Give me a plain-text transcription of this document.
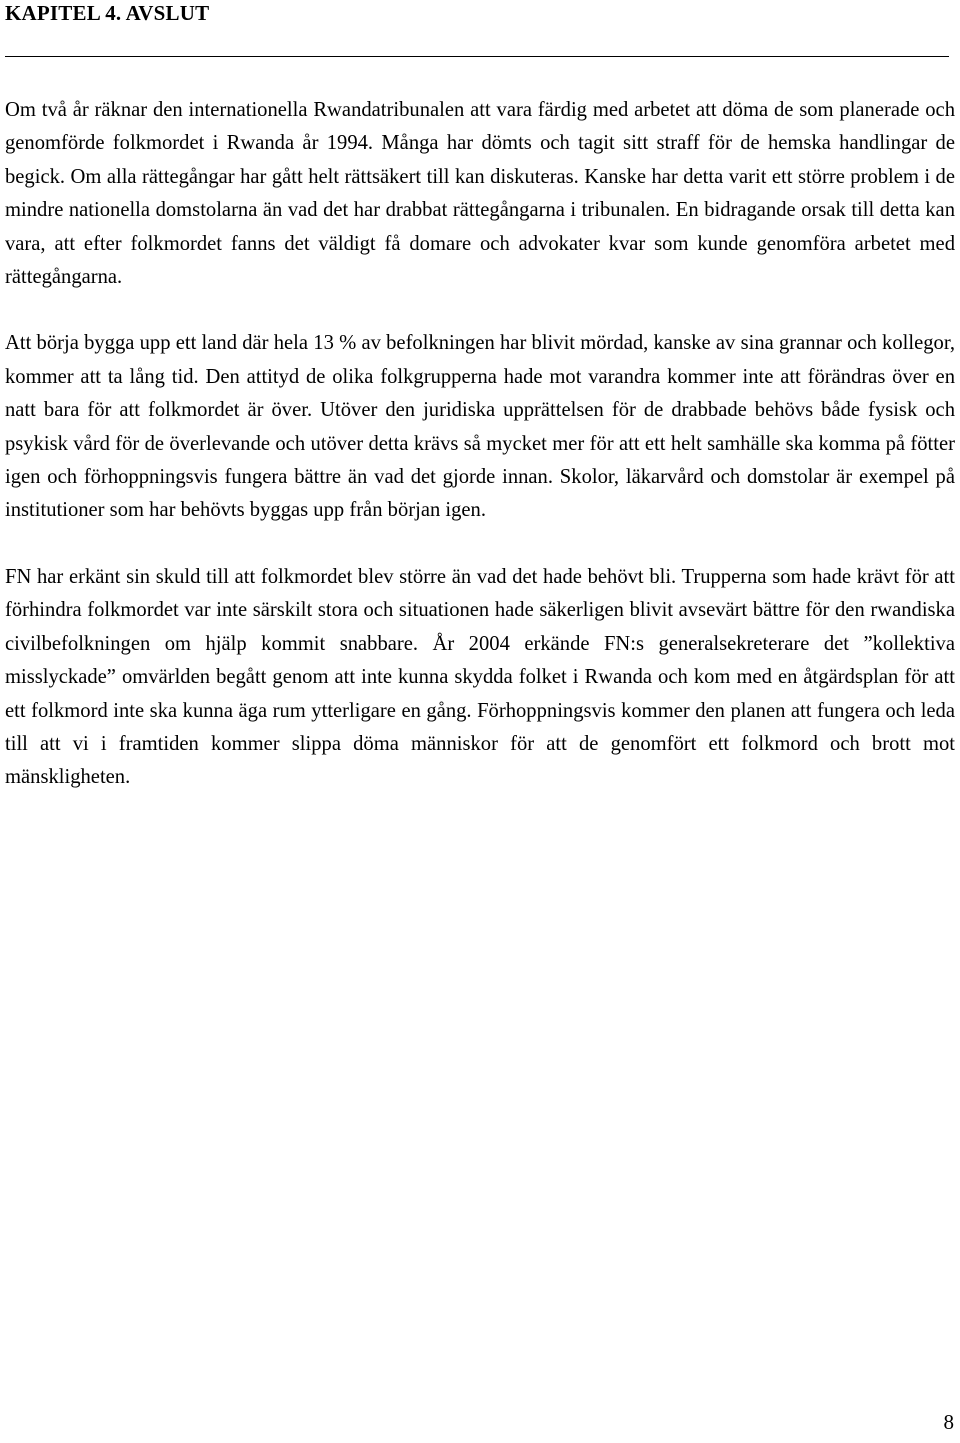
KAPITEL 4. AVSLUT

Om två år räknar den internationella Rwandatribunalen att vara färdig med arbetet att döma de som planerade och genomförde folkmordet i Rwanda år 1994. Många har dömts och tagit sitt straff för de hemska handlingar de begick. Om alla rättegångar har gått helt rättsäkert till kan diskuteras. Kanske har detta varit ett större problem i de mindre nationella domstolarna än vad det har drabbat rättegångarna i tribunalen. En bidragande orsak till detta kan vara, att efter folkmordet fanns det väldigt få domare och advokater kvar som kunde genomföra arbetet med rättegångarna.

Att börja bygga upp ett land där hela 13 % av befolkningen har blivit mördad, kanske av sina grannar och kollegor, kommer att ta lång tid. Den attityd de olika folkgrupperna hade mot varandra kommer inte att förändras över en natt bara för att folkmordet är över. Utöver den juridiska upprättelsen för de drabbade behövs både fysisk och psykisk vård för de överlevande och utöver detta krävs så mycket mer för att ett helt samhälle ska komma på fötter igen och förhoppningsvis fungera bättre än vad det gjorde innan. Skolor, läkarvård och domstolar är exempel på institutioner som har behövts byggas upp från början igen.

FN har erkänt sin skuld till att folkmordet blev större än vad det hade behövt bli. Trupperna som hade krävt för att förhindra folkmordet var inte särskilt stora och situationen hade säkerligen blivit avsevärt bättre för den rwandiska civilbefolkningen om hjälp kommit snabbare. År 2004 erkände FN:s generalsekreterare det ”kollektiva misslyckade” omvärlden begått genom att inte kunna skydda folket i Rwanda och kom med en åtgärdsplan för att ett folkmord inte ska kunna äga rum ytterligare en gång. Förhoppningsvis kommer den planen att fungera och leda till att vi i framtiden kommer slippa döma människor för att de genomfört ett folkmord och brott mot mänskligheten.

8
